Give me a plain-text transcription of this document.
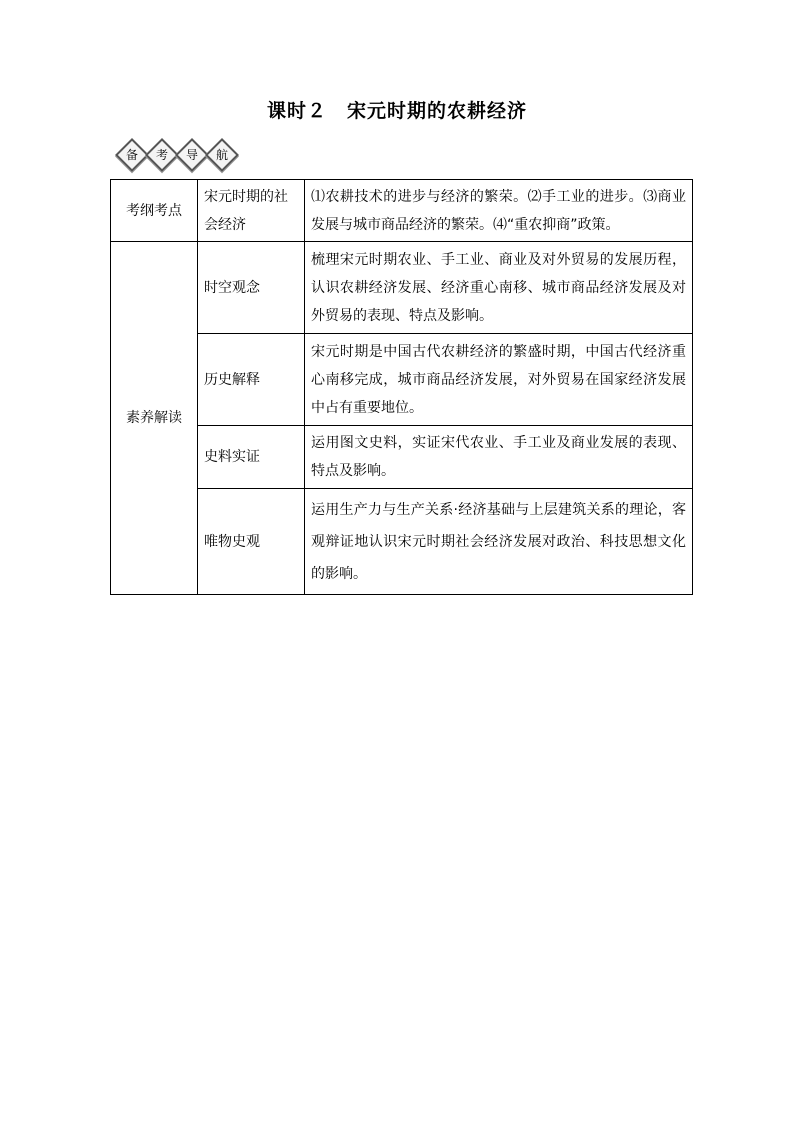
课时２　宋元时期的农耕经济
备 考 导 航
考纲考点	宋元时期的社会经济	⑴农耕技术的进步与经济的繁荣。⑵手工业的进步。⑶商业发展与城市商品经济的繁荣。⑷“重农抑商”政策。
素养解读	时空观念	梳理宋元时期农业、手工业、商业及对外贸易的发展历程，认识农耕经济发展、经济重心南移、城市商品经济发展及对外贸易的表现、特点及影响。
	历史解释	宋元时期是中国古代农耕经济的繁盛时期，中国古代经济重心南移完成，城市商品经济发展，对外贸易在国家经济发展中占有重要地位。
	史料实证	运用图文史料，实证宋代农业、手工业及商业发展的表现、特点及影响。
	唯物史观	运用生产力与生产关系·经济基础与上层建筑关系的理论，客观辩证地认识宋元时期社会经济发展对政治、科技思想文化的影响。
